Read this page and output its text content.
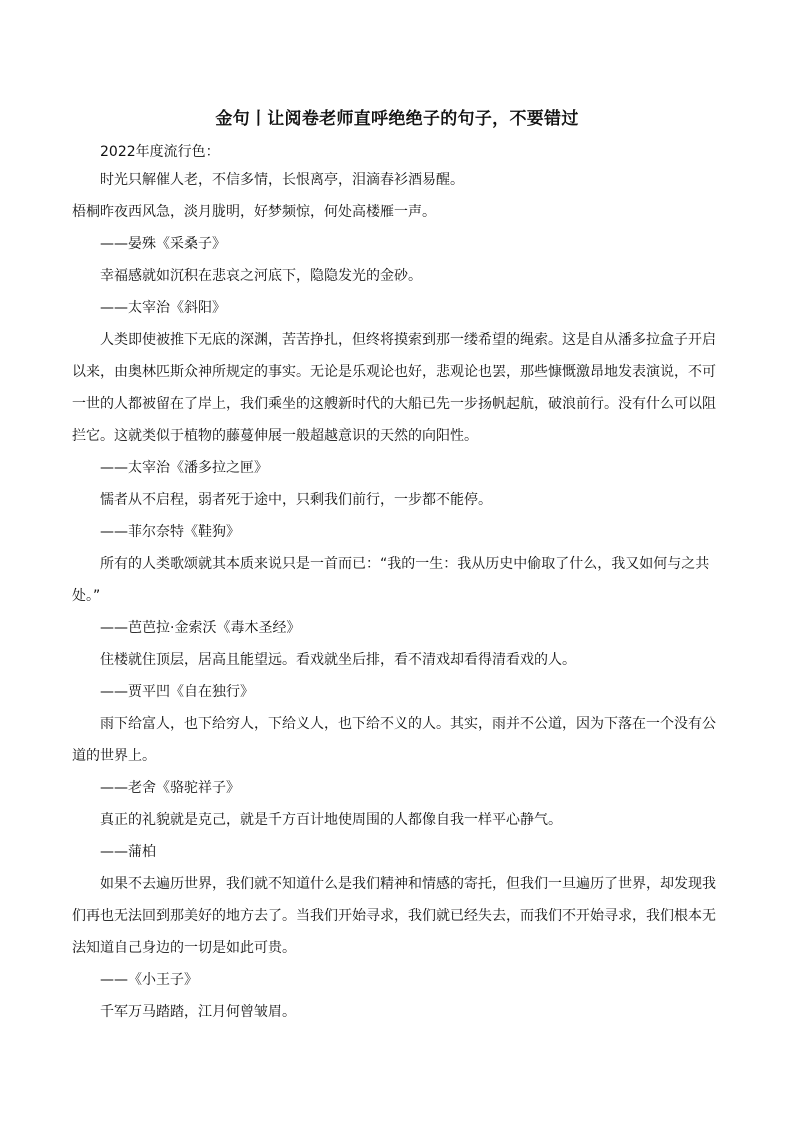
金句丨让阅卷老师直呼绝绝子的句子，不要错过
2022年度流行色：
时光只解催人老，不信多情，长恨离亭，泪滴春衫酒易醒。
梧桐昨夜西风急，淡月胧明，好梦频惊，何处高楼雁一声。
——晏殊《采桑子》
幸福感就如沉积在悲哀之河底下，隐隐发光的金砂。
——太宰治《斜阳》
人类即使被推下无底的深渊，苦苦挣扎，但终将摸索到那一缕希望的绳索。这是自从潘多拉盒子开启
以来，由奥林匹斯众神所规定的事实。无论是乐观论也好，悲观论也罢，那些慷慨激昂地发表演说，不可
一世的人都被留在了岸上，我们乘坐的这艘新时代的大船已先一步扬帆起航，破浪前行。没有什么可以阻
拦它。这就类似于植物的藤蔓伸展一般超越意识的天然的向阳性。
——太宰治《潘多拉之匣》
懦者从不启程，弱者死于途中，只剩我们前行，一步都不能停。
——菲尔奈特《鞋狗》
所有的人类歌颂就其本质来说只是一首而已：“我的一生：我从历史中偷取了什么，我又如何与之共
处。”
——芭芭拉·金索沃《毒木圣经》
住楼就住顶层，居高且能望远。看戏就坐后排，看不清戏却看得清看戏的人。
——贾平凹《自在独行》
雨下给富人，也下给穷人，下给义人，也下给不义的人。其实，雨并不公道，因为下落在一个没有公
道的世界上。
——老舍《骆驼祥子》
真正的礼貌就是克己，就是千方百计地使周围的人都像自我一样平心静气。
——蒲柏
如果不去遍历世界，我们就不知道什么是我们精神和情感的寄托，但我们一旦遍历了世界，却发现我
们再也无法回到那美好的地方去了。当我们开始寻求，我们就已经失去，而我们不开始寻求，我们根本无
法知道自己身边的一切是如此可贵。
——《小王子》
千军万马踏踏，江月何曾皱眉。
